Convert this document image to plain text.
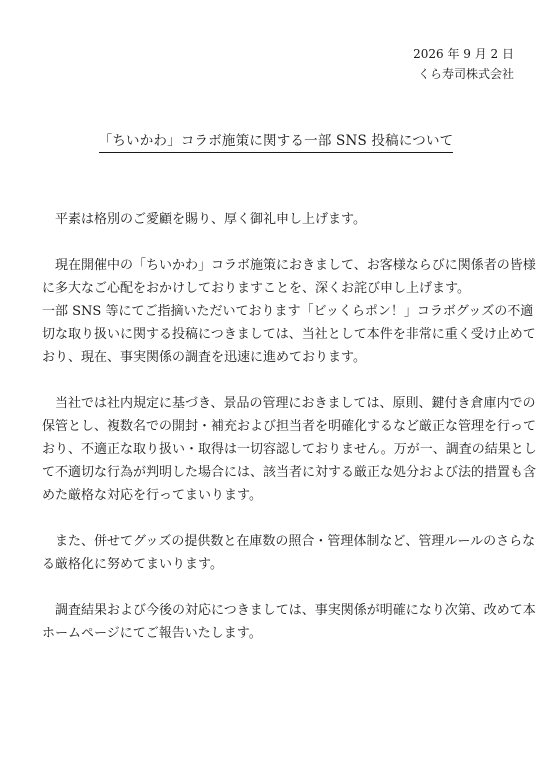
2026 年 9 月 2 日
くら寿司株式会社
「ちいかわ」コラボ施策に関する一部 SNS 投稿について

　平素は格別のご愛顧を賜り、厚く御礼申し上げます。

　現在開催中の「ちいかわ」コラボ施策におきまして、お客様ならびに関係者の皆様
に多大なご心配をおかけしておりますことを、深くお詫び申し上げます。
一部 SNS 等にてご指摘いただいております「ビッくらポン！」コラボグッズの不適
切な取り扱いに関する投稿につきましては、当社として本件を非常に重く受け止めて
おり、現在、事実関係の調査を迅速に進めております。

　当社では社内規定に基づき、景品の管理におきましては、原則、鍵付き倉庫内での
保管とし、複数名での開封・補充および担当者を明確化するなど厳正な管理を行って
おり、不適正な取り扱い・取得は一切容認しておりません。万が一、調査の結果とし
て不適切な行為が判明した場合には、該当者に対する厳正な処分および法的措置も含
めた厳格な対応を行ってまいります。

　また、併せてグッズの提供数と在庫数の照合・管理体制など、管理ルールのさらな
る厳格化に努めてまいります。

　調査結果および今後の対応につきましては、事実関係が明確になり次第、改めて本
ホームページにてご報告いたします。
